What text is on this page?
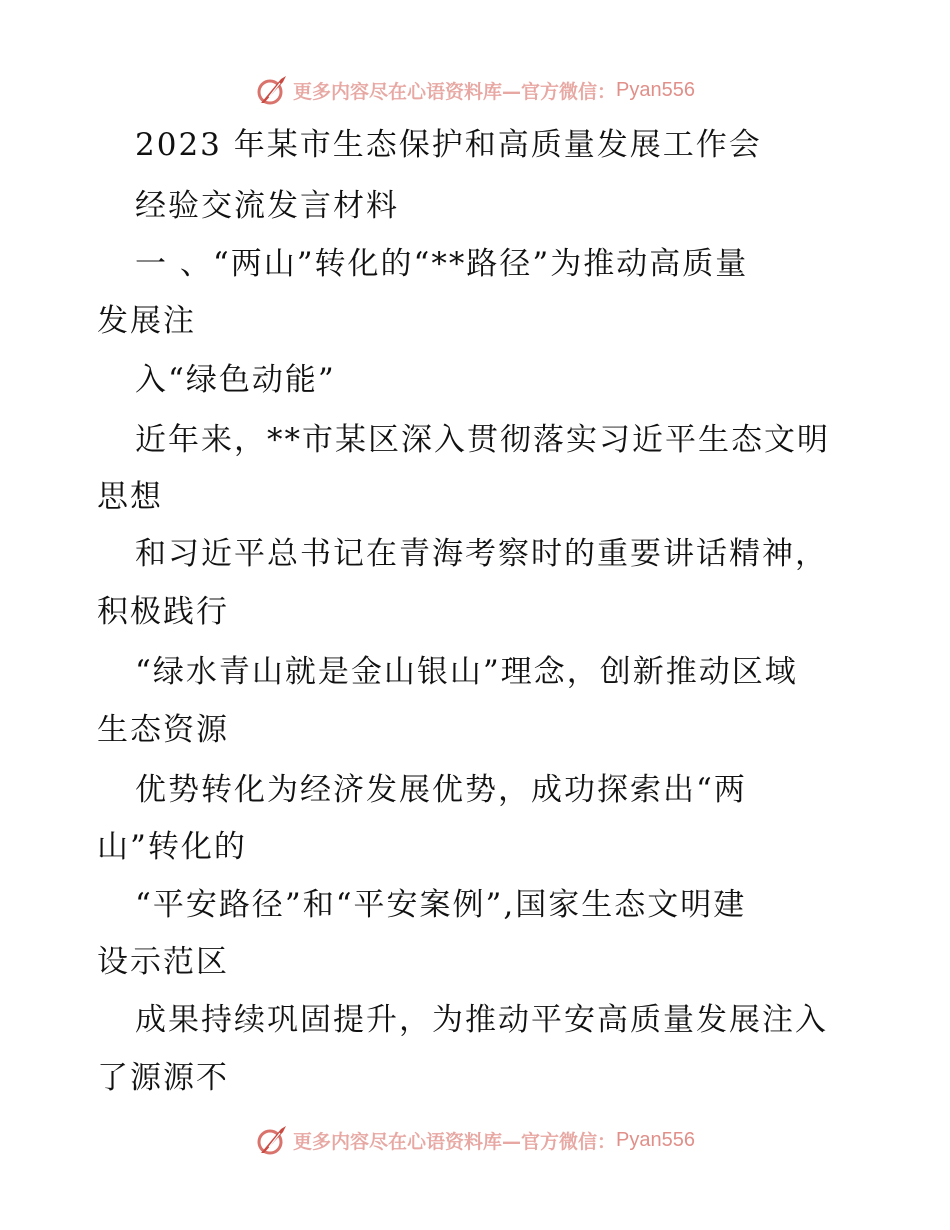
更多内容尽在心语资料库—官方微信： Pyan556
2023 年某市生态保护和高质量发展工作会
经验交流发言材料
一 、“两山”转化的“**路径”为推动高质量
发展注
入“绿色动能”
近年来，**市某区深入贯彻落实习近平生态文明
思想
和习近平总书记在青海考察时的重要讲话精神，
积极践行
“绿水青山就是金山银山”理念，创新推动区域
生态资源
优势转化为经济发展优势，成功探索出“两
山”转化的
“平安路径”和“平安案例”,国家生态文明建
设示范区
成果持续巩固提升，为推动平安高质量发展注入
了源源不
更多内容尽在心语资料库—官方微信： Pyan556
